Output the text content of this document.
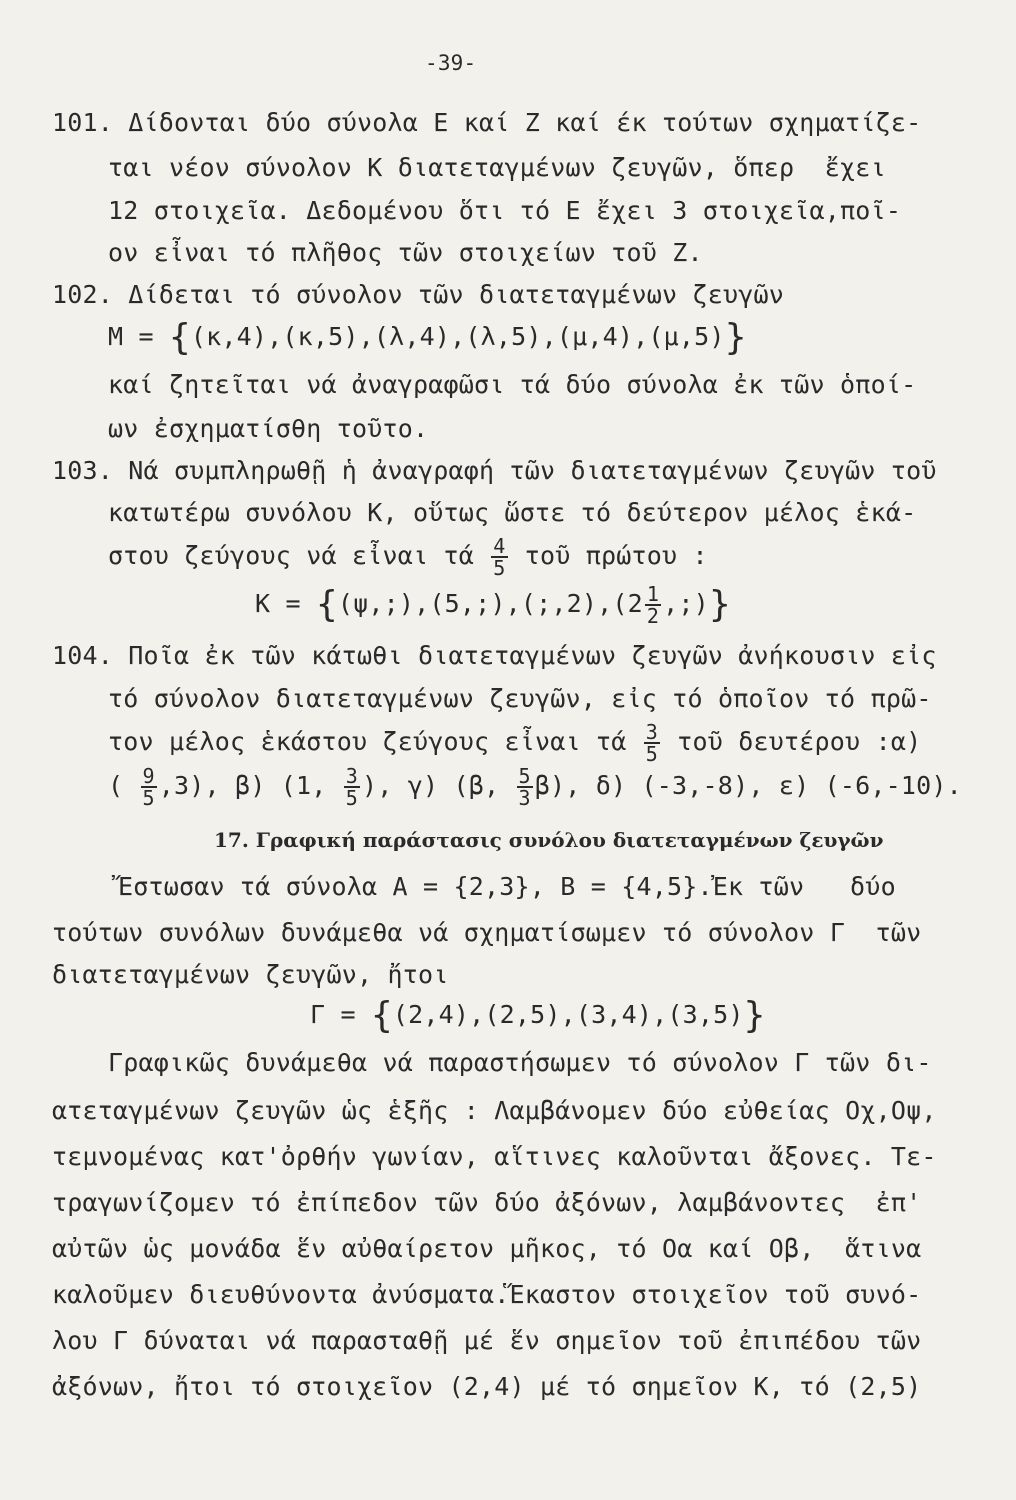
-39-
101. Δίδονται δύο σύνολα Ε καί Ζ καί έκ τούτων σχηματίζε-
ται νέον σύνολον Κ διατεταγμένων ζευγῶν, ὅπερ  ἔχει
12 στοιχεῖα. Δεδομένου ὅτι τό Ε ἔχει 3 στοιχεῖα,ποῖ-
ον εἶναι τό πλῆθος τῶν στοιχείων τοῦ Ζ.
102. Δίδεται τό σύνολον τῶν διατεταγμένων ζευγῶν
Μ = {(κ,4),(κ,5),(λ,4),(λ,5),(μ,4),(μ,5)}
καί ζητεῖται νά ἀναγραφῶσι τά δύο σύνολα ἐκ τῶν ὁποί-
ων ἐσχηματίσθη τοῦτο.
103. Νά συμπληρωθῇ ἡ ἀναγραφή τῶν διατεταγμένων ζευγῶν τοῦ
κατωτέρω συνόλου Κ, οὕτως ὥστε τό δεύτερον μέλος ἑκά-
στου ζεύγους νά εἶναι τά $\frac{4}{5}$ τοῦ πρώτου :
Κ = {(ψ,;),(5,;),(;,2),(2 $\frac{1}{2}$ ,;)}
104. Ποῖα ἐκ τῶν κάτωθι διατεταγμένων ζευγῶν ἀνήκουσιν εἰς
τό σύνολον διατεταγμένων ζευγῶν, εἰς τό ὁποῖον τό πρῶ-
τον μέλος ἑκάστου ζεύγους εἶναι τά $\frac{3}{5}$ τοῦ δευτέρου :α)
( $\frac{9}{5} ,3$), β) (1, $\frac{3}{5}$ ), γ) (β, $\frac{5}{3} \beta$), δ) (-3,-8), ε) (-6,-10).
17. Γραφική παράστασις συνόλου διατεταγμένων ζευγῶν
Ἔστωσαν τά σύνολα Α = {2,3}, Β = {4,5}.Ἐκ τῶν   δύο
τούτων συνόλων δυνάμεθα νά σχηματίσωμεν τό σύνολον Γ  τῶν
διατεταγμένων ζευγῶν, ἤτοι
Γ = {(2,4),(2,5),(3,4),(3,5)}
Γραφικῶς δυνάμεθα νά παραστήσωμεν τό σύνολον Γ τῶν δι-
ατεταγμένων ζευγῶν ὡς ἑξῆς : Λαμβάνομεν δύο εὐθείας Οχ,Οψ,
τεμνομένας κατ'ὀρθήν γωνίαν, αἵτινες καλοῦνται ἄξονες. Τε-
τραγωνίζομεν τό ἐπίπεδον τῶν δύο ἀξόνων, λαμβάνοντες  ἐπ'
αὐτῶν ὡς μονάδα ἕν αὐθαίρετον μῆκος, τό Οα καί Οβ,  ἅτινα
καλοῦμεν διευθύνοντα ἀνύσματα.Ἕκαστον στοιχεῖον τοῦ συνό-
λου Γ δύναται νά παρασταθῇ μέ ἕν σημεῖον τοῦ ἐπιπέδου τῶν
ἀξόνων, ἤτοι τό στοιχεῖον (2,4) μέ τό σημεῖον Κ, τό (2,5)
